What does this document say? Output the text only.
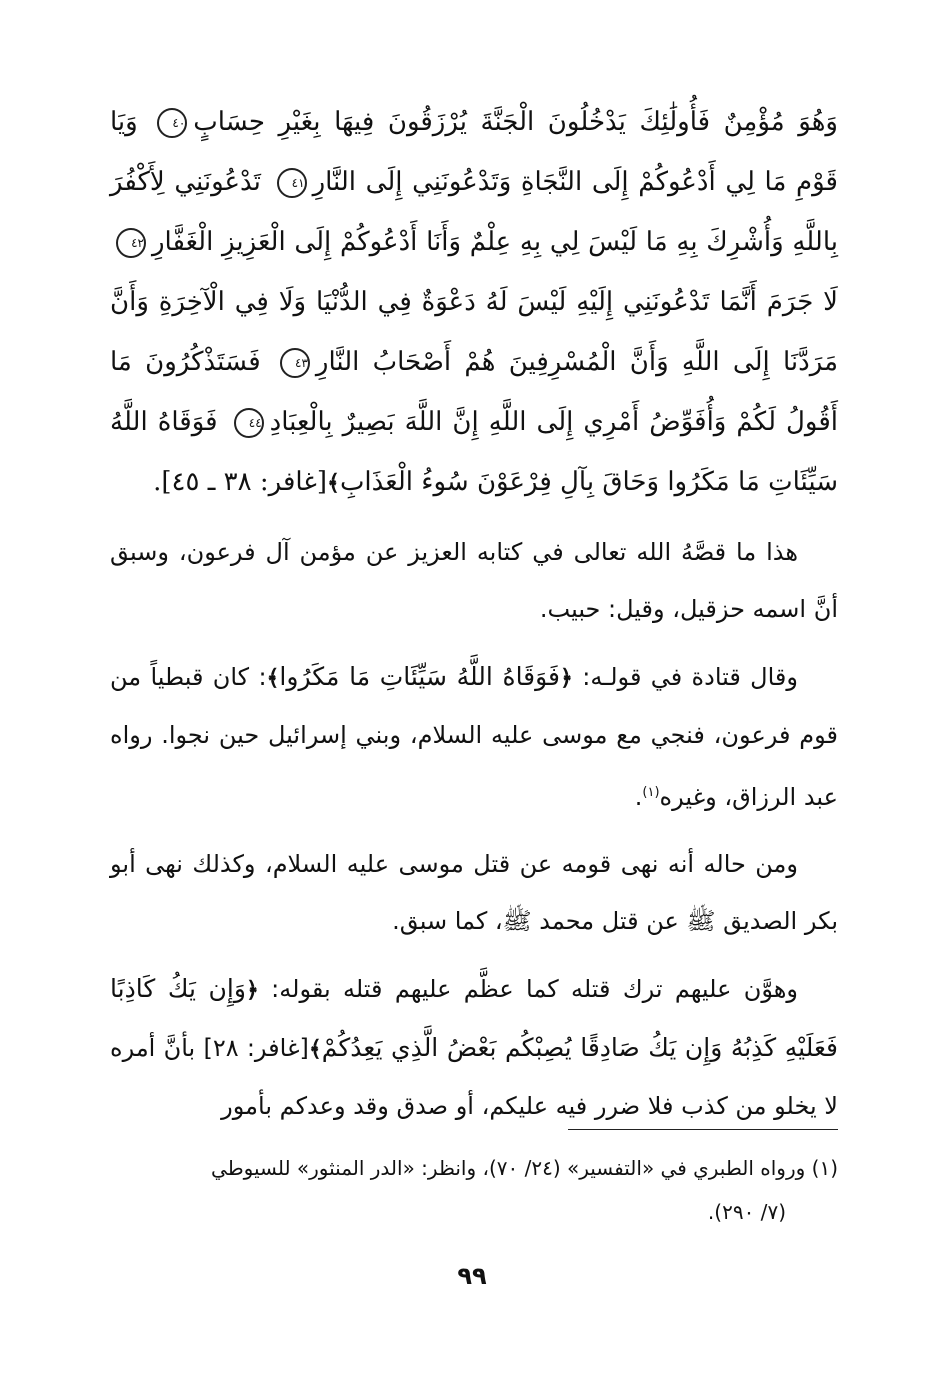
وَهُوَ مُؤْمِنٌ فَأُولَٰئِكَ يَدْخُلُونَ الْجَنَّةَ يُرْزَقُونَ فِيهَا بِغَيْرِ حِسَابٍ٤٠ وَيَا قَوْمِ مَا لِي أَدْعُوكُمْ إِلَى النَّجَاةِ وَتَدْعُونَنِي إِلَى النَّارِ٤١ تَدْعُونَنِي لِأَكْفُرَ بِاللَّهِ وَأُشْرِكَ بِهِ مَا لَيْسَ لِي بِهِ عِلْمٌ وَأَنَا أَدْعُوكُمْ إِلَى الْعَزِيزِ الْغَفَّارِ٤٢ لَا جَرَمَ أَنَّمَا تَدْعُونَنِي إِلَيْهِ لَيْسَ لَهُ دَعْوَةٌ فِي الدُّنْيَا وَلَا فِي الْآخِرَةِ وَأَنَّ مَرَدَّنَا إِلَى اللَّهِ وَأَنَّ الْمُسْرِفِينَ هُمْ أَصْحَابُ النَّارِ٤٣ فَسَتَذْكُرُونَ مَا أَقُولُ لَكُمْ وَأُفَوِّضُ أَمْرِي إِلَى اللَّهِ إِنَّ اللَّهَ بَصِيرٌ بِالْعِبَادِ٤٤ فَوَقَاهُ اللَّهُ سَيِّئَاتِ مَا مَكَرُوا وَحَاقَ بِآلِ فِرْعَوْنَ سُوءُ الْعَذَابِ﴾[غافر: ٣٨ ـ ٤٥].

هذا ما قصَّهُ الله تعالى في كتابه العزيز عن مؤمن آل فرعون، وسبق أنَّ اسمه حزقيل، وقيل: حبيب.

وقال قتادة في قولـه: ﴿فَوَقَاهُ اللَّهُ سَيِّئَاتِ مَا مَكَرُوا﴾: كان قبطياً من قوم فرعون، فنجي مع موسى عليه السلام، وبني إسرائيل حين نجوا. رواه عبد الرزاق، وغيره$^{(١)}$.

ومن حاله أنه نهى قومه عن قتل موسى عليه السلام، وكذلك نهى أبو بكر الصديق ﷺ عن قتل محمد ﷺ، كما سبق.

وهوَّن عليهم ترك قتله كما عظَّم عليهم قتله بقوله: ﴿وَإِن يَكُ كَاذِبًا فَعَلَيْهِ كَذِبُهُ وَإِن يَكُ صَادِقًا يُصِبْكُم بَعْضُ الَّذِي يَعِدُكُمْ﴾[غافر: ٢٨] بأنَّ أمره لا يخلو من كذب فلا ضرر فيه عليكم، أو صدق وقد وعدكم بأمور

(١) ورواه الطبري في «التفسير» (٢٤/ ٧٠)، وانظر: «الدر المنثور» للسيوطي
(٧/ ٢٩٠).
٩٩
